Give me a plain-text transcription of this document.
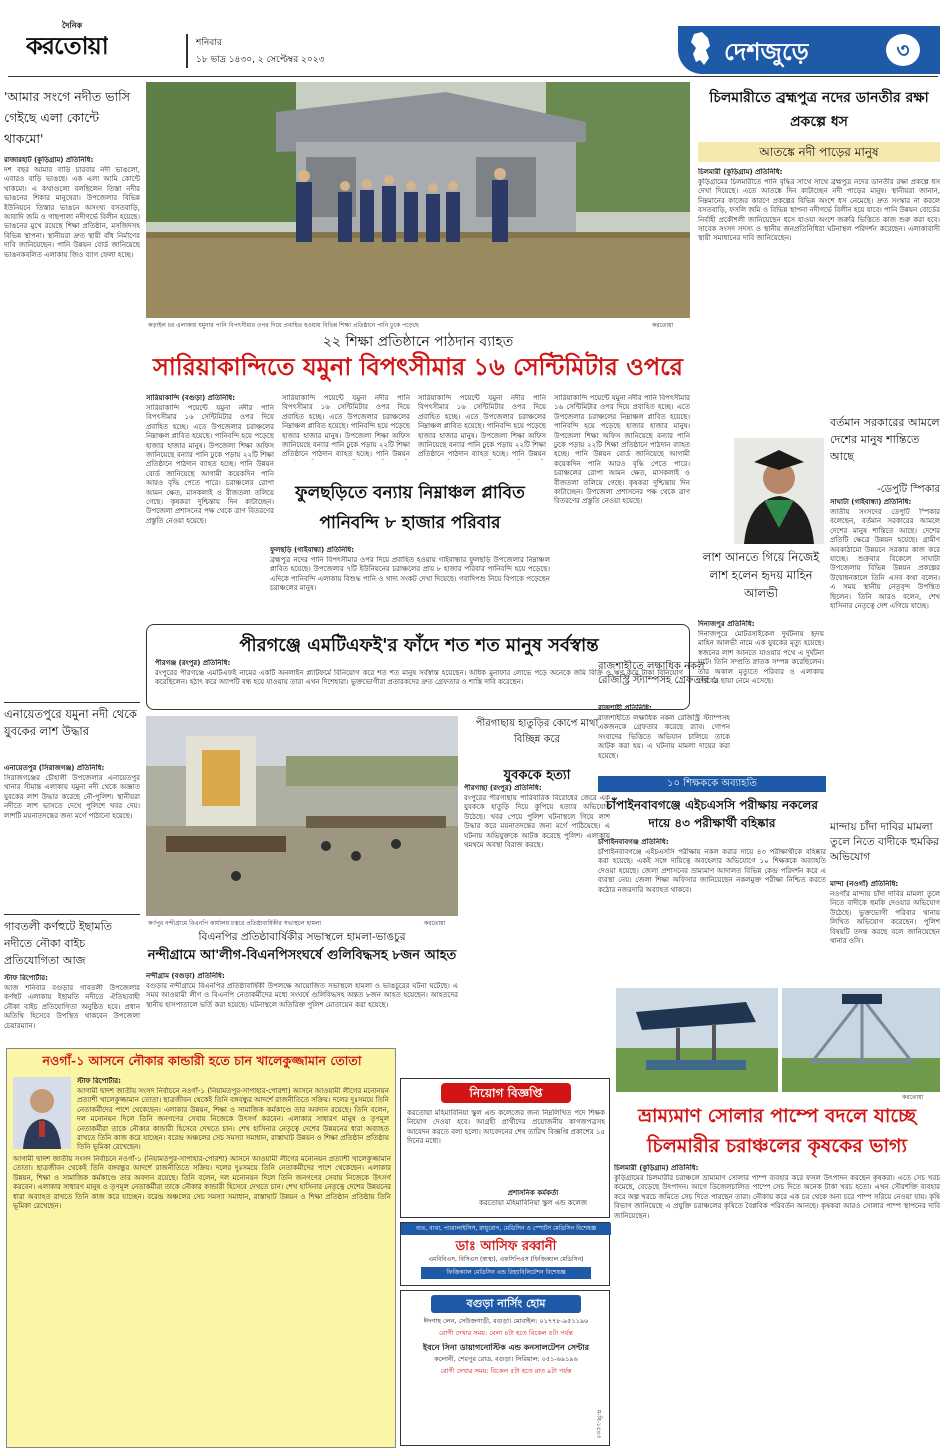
দৈনিক
করতোয়া	শনিবার
১৮ ভাদ্র ১৪৩০, ২ সেপ্টেম্বর ২০২৩	দেশজুড়ে	৩
'আমার সংগে নদীত ভাসি গেইছে এলা কোন্টে থাকমো'
রাজারহাট (কুড়িগ্রাম) প্রতিনিধি:
দশ বছর আমার বাড়ি চারবার নদী ভাঙলো, এবারও বাড়ি ভাঙছে। এক এলা আমি কোন্টে থাকমো। এ কথাগুলো বলছিলেন তিস্তা নদীর ভাঙনের শিকার মানুষেরা। উপজেলার বিভিন্ন ইউনিয়নে তিস্তার ভাঙনে অসংখ্য বসতবাড়ি, আবাদি জমি ও গাছপালা নদীগর্ভে বিলীন হয়েছে। ভাঙনের মুখে রয়েছে শিক্ষা প্রতিষ্ঠান, মসজিদসহ বিভিন্ন স্থাপনা। স্থানীয়রা দ্রুত স্থায়ী বাঁধ নির্মাণের দাবি জানিয়েছেন। পানি উন্নয়ন বোর্ড জানিয়েছে ভাঙনকবলিত এলাকায় জিও ব্যাগ ফেলা হচ্ছে।
এনায়েতপুরে যমুনা নদী থেকে যুবকের লাশ উদ্ধার
এনায়েতপুর (সিরাজগঞ্জ) প্রতিনিধি:
সিরাজগঞ্জের চৌহালী উপজেলার এনায়েতপুর থানার সীমান্ত এলাকায় যমুনা নদী থেকে অজ্ঞাত যুবকের লাশ উদ্ধার করেছে নৌ-পুলিশ। স্থানীয়রা নদীতে লাশ ভাসতে দেখে পুলিশে খবর দেয়। লাশটি ময়নাতদন্তের জন্য মর্গে পাঠানো হয়েছে।
গাবতলী কর্ণহুটে ইছামতি নদীতে নৌকা বাইচ প্রতিযোগিতা আজ
স্টাফ রিপোর্টার:
আজ শনিবার বগুড়ার গাবতলী উপজেলার কর্ণহুট এলাকায় ইছামতি নদীতে ঐতিহ্যবাহী নৌকা বাইচ প্রতিযোগিতা অনুষ্ঠিত হবে। প্রধান অতিথি হিসেবে উপস্থিত থাকবেন উপজেলা চেয়ারম্যান।
কড়াইল চর এলাকায় যমুনার পানি বিপৎসীমার ওপর দিয়ে প্রবাহিত হওয়ায় বিভিন্ন শিক্ষা প্রতিষ্ঠানে পানি ঢুকে পড়েছে	করতোয়া
২২ শিক্ষা প্রতিষ্ঠানে পাঠদান ব্যাহত
সারিয়াকান্দিতে যমুনা বিপৎসীমার ১৬ সেন্টিমিটার ওপরে
সারিয়াকান্দি (বগুড়া) প্রতিনিধি:
সারিয়াকান্দি পয়েন্টে যমুনা নদীর পানি বিপৎসীমার ১৬ সেন্টিমিটার ওপর দিয়ে প্রবাহিত হচ্ছে। এতে উপজেলার চরাঞ্চলের নিম্নাঞ্চল প্লাবিত হয়েছে। পানিবন্দি হয়ে পড়েছে হাজার হাজার মানুষ। উপজেলা শিক্ষা অফিস জানিয়েছে বন্যার পানি ঢুকে পড়ায় ২২টি শিক্ষা প্রতিষ্ঠানে পাঠদান ব্যাহত হচ্ছে। পানি উন্নয়ন বোর্ড জানিয়েছে আগামী কয়েকদিন পানি আরও বৃদ্ধি পেতে পারে। চরাঞ্চলের রোপা আমন ক্ষেত, মাসকলাই ও বীজতলা তলিয়ে গেছে। কৃষকরা দুশ্চিন্তায় দিন কাটাচ্ছেন। উপজেলা প্রশাসনের পক্ষ থেকে ত্রাণ বিতরণের প্রস্তুতি নেওয়া হয়েছে।
সারিয়াকান্দি পয়েন্টে যমুনা নদীর পানি বিপৎসীমার ১৬ সেন্টিমিটার ওপর দিয়ে প্রবাহিত হচ্ছে। এতে উপজেলার চরাঞ্চলের নিম্নাঞ্চল প্লাবিত হয়েছে। পানিবন্দি হয়ে পড়েছে হাজার হাজার মানুষ। উপজেলা শিক্ষা অফিস জানিয়েছে বন্যার পানি ঢুকে পড়ায় ২২টি শিক্ষা প্রতিষ্ঠানে পাঠদান ব্যাহত হচ্ছে। পানি উন্নয়ন
সারিয়াকান্দি পয়েন্টে যমুনা নদীর পানি বিপৎসীমার ১৬ সেন্টিমিটার ওপর দিয়ে প্রবাহিত হচ্ছে। এতে উপজেলার চরাঞ্চলের নিম্নাঞ্চল প্লাবিত হয়েছে। পানিবন্দি হয়ে পড়েছে হাজার হাজার মানুষ। উপজেলা শিক্ষা অফিস জানিয়েছে বন্যার পানি ঢুকে পড়ায় ২২টি শিক্ষা প্রতিষ্ঠানে পাঠদান ব্যাহত হচ্ছে। পানি উন্নয়ন
সারিয়াকান্দি পয়েন্টে যমুনা নদীর পানি বিপৎসীমার ১৬ সেন্টিমিটার ওপর দিয়ে প্রবাহিত হচ্ছে। এতে উপজেলার চরাঞ্চলের নিম্নাঞ্চল প্লাবিত হয়েছে। পানিবন্দি হয়ে পড়েছে হাজার হাজার মানুষ। উপজেলা শিক্ষা অফিস জানিয়েছে বন্যার পানি ঢুকে পড়ায় ২২টি শিক্ষা প্রতিষ্ঠানে পাঠদান ব্যাহত হচ্ছে। পানি উন্নয়ন বোর্ড জানিয়েছে আগামী কয়েকদিন পানি আরও বৃদ্ধি পেতে পারে। চরাঞ্চলের রোপা আমন ক্ষেত, মাসকলাই ও বীজতলা তলিয়ে গেছে। কৃষকরা দুশ্চিন্তায় দিন কাটাচ্ছেন। উপজেলা প্রশাসনের পক্ষ থেকে ত্রাণ বিতরণের প্রস্তুতি নেওয়া হয়েছে।
ফুলছড়িতে বন্যায় নিম্নাঞ্চল প্লাবিত পানিবন্দি ৮ হাজার পরিবার
ফুলছড়ি (গাইবান্ধা) প্রতিনিধি:
ব্রহ্মপুত্র নদের পানি বিপৎসীমার ওপর দিয়ে প্রবাহিত হওয়ায় গাইবান্ধার ফুলছড়ি উপজেলার নিম্নাঞ্চল প্লাবিত হয়েছে। উপজেলার ৭টি ইউনিয়নের চরাঞ্চলের প্রায় ৮ হাজার পরিবার পানিবন্দি হয়ে পড়েছে। এদিকে পানিবন্দি এলাকায় বিশুদ্ধ পানি ও খাদ্য সংকট দেখা দিয়েছে। গবাদিপশু নিয়ে বিপাকে পড়েছেন চরাঞ্চলের মানুষ।
পীরগঞ্জে এমটিএফই'র ফাঁদে শত শত মানুষ সর্বস্বান্ত
পীরগঞ্জ (রংপুর) প্রতিনিধি:
রংপুরের পীরগঞ্জে এমটিএফই নামের একটি অনলাইন প্ল্যাটফর্মে বিনিয়োগ করে শত শত মানুষ সর্বস্বান্ত হয়েছেন। অধিক মুনাফার লোভে পড়ে অনেকে জমি বিক্রি ও ঋণ করে টাকা বিনিয়োগ করেছিলেন। হঠাৎ করে অ্যাপটি বন্ধ হয়ে যাওয়ায় তারা এখন দিশেহারা। ভুক্তভোগীরা প্রতারকদের দ্রুত গ্রেফতার ও শাস্তি দাবি করেছেন।
কর্ণপুর নন্দীগ্রামে বিএনপি কার্যালয় চত্বরে প্রতিষ্ঠাবার্ষিকীর সভাস্থলে হামলা	করতোয়া
বিএনপির প্রতিষ্ঠাবার্ষিকীর সভাস্থলে হামলা-ভাঙচুর
নন্দীগ্রামে আ'লীগ-বিএনপিসংঘর্ষে গুলিবিদ্ধসহ ৮জন আহত
নন্দীগ্রাম (বগুড়া) প্রতিনিধি:
বগুড়ার নন্দীগ্রামে বিএনপির প্রতিষ্ঠাবার্ষিকী উপলক্ষে আয়োজিত সভাস্থলে হামলা ও ভাঙচুরের ঘটনা ঘটেছে। এ সময় আওয়ামী লীগ ও বিএনপি নেতাকর্মীদের মধ্যে সংঘর্ষে গুলিবিদ্ধসহ অন্তত ৮জন আহত হয়েছেন। আহতদের স্থানীয় হাসপাতালে ভর্তি করা হয়েছে। ঘটনাস্থলে অতিরিক্ত পুলিশ মোতায়েন করা হয়েছে।
পীরগাছায় হাতুড়ির কোপে মাথা বিচ্ছিন্ন করে
যুবককে হত্যা
পীরগাছা (রংপুর) প্রতিনিধি:
রংপুরের পীরগাছায় পারিবারিক বিরোধের জেরে এক যুবককে হাতুড়ি দিয়ে কুপিয়ে হত্যার অভিযোগ উঠেছে। খবর পেয়ে পুলিশ ঘটনাস্থলে গিয়ে লাশ উদ্ধার করে ময়নাতদন্তের জন্য মর্গে পাঠিয়েছে। এ ঘটনায় অভিযুক্তকে আটক করেছে পুলিশ। এলাকায় থমথমে অবস্থা বিরাজ করছে।
নওগাঁ-১ আসনে নৌকার কান্ডারী হতে চান খালেকুজ্জামান তোতা
স্টাফ রিপোর্টার:
আগামী দ্বাদশ জাতীয় সংসদ নির্বাচনে নওগাঁ-১ (নিয়ামতপুর-সাপাহার-পোরশা) আসনে আওয়ামী লীগের মনোনয়ন প্রত্যাশী খালেকুজ্জামান তোতা। ছাত্রজীবন থেকেই তিনি বঙ্গবন্ধুর আদর্শে রাজনীতিতে সক্রিয়। দলের দুঃসময়ে তিনি নেতাকর্মীদের পাশে থেকেছেন। এলাকার উন্নয়ন, শিক্ষা ও সামাজিক কর্মকাণ্ডে তার অবদান রয়েছে। তিনি বলেন, দল মনোনয়ন দিলে তিনি জনগণের সেবায় নিজেকে উৎসর্গ করবেন। এলাকার সাধারণ মানুষ ও তৃণমূল নেতাকর্মীরা তাকে নৌকার কান্ডারী হিসেবে দেখতে চান। শেখ হাসিনার নেতৃত্বে দেশের উন্নয়নের ধারা অব্যাহত রাখতে তিনি কাজ করে যাচ্ছেন। বরেন্দ্র অঞ্চলের সেচ সমস্যা সমাধান, রাস্তাঘাট উন্নয়ন ও শিক্ষা প্রতিষ্ঠান প্রতিষ্ঠায় তিনি ভূমিকা রেখেছেন।
আগামী দ্বাদশ জাতীয় সংসদ নির্বাচনে নওগাঁ-১ (নিয়ামতপুর-সাপাহার-পোরশা) আসনে আওয়ামী লীগের মনোনয়ন প্রত্যাশী খালেকুজ্জামান তোতা। ছাত্রজীবন থেকেই তিনি বঙ্গবন্ধুর আদর্শে রাজনীতিতে সক্রিয়। দলের দুঃসময়ে তিনি নেতাকর্মীদের পাশে থেকেছেন। এলাকার উন্নয়ন, শিক্ষা ও সামাজিক কর্মকাণ্ডে তার অবদান রয়েছে। তিনি বলেন, দল মনোনয়ন দিলে তিনি জনগণের সেবায় নিজেকে উৎসর্গ করবেন। এলাকার সাধারণ মানুষ ও তৃণমূল নেতাকর্মীরা তাকে নৌকার কান্ডারী হিসেবে দেখতে চান। শেখ হাসিনার নেতৃত্বে দেশের উন্নয়নের ধারা অব্যাহত রাখতে তিনি কাজ করে যাচ্ছেন। বরেন্দ্র অঞ্চলের সেচ সমস্যা সমাধান, রাস্তাঘাট উন্নয়ন ও শিক্ষা প্রতিষ্ঠান প্রতিষ্ঠায় তিনি ভূমিকা রেখেছেন।
নিয়োগ বিজ্ঞপ্তি
করতোয়া মহিমাবিনিয়া স্কুল এন্ড কলেজের জন্য নিম্নলিখিত পদে শিক্ষক নিয়োগ দেওয়া হবে। আগ্রহী প্রার্থীদের প্রয়োজনীয় কাগজপত্রসহ আবেদন করতে বলা হলো। আবেদনের শেষ তারিখ বিজ্ঞপ্তি প্রকাশের ১৫ দিনের মধ্যে।
প্রশাসনিক কর্মকর্তা
করতোয়া মহিমাবিনিয়া স্কুল এন্ড কলেজ
বাত, ব্যথা, প্যারালাইসিস, স্নায়ুরোগ, মেডিসিন ও স্পোর্টস মেডিসিন বিশেষজ্ঞ
ডাঃ আসিফ রব্বানী
এমবিবিএস, বিসিএস (স্বাস্থ্য), এফসিপিএস (ফিজিক্যাল মেডিসিন)
ফিজিক্যাল মেডিসিন এন্ড রিহ্যাবিলিটেশন বিশেষজ্ঞ
বগুড়া নার্সিং হোম
ঈদগাহ লেন, সেউজগাড়ী, বগুড়া। মোবাইল: ০১৭৭৮-৯৫১১৯৬
রোগী দেখার সময়: বেলা ৪টা হতে বিকেল ৫টা পর্যন্ত
ইবনে সিনা ডায়াগনোস্টিক এন্ড কনসালটেশন সেন্টার
কলোনী, শেরপুর রোড, বগুড়া। সিরিয়াল: ০৫১-৬৯১৯৬
রোগী দেখার সময়: বিকেল ৫টা হতে রাত ৯টা পর্যন্ত
চিলমারীতে ব্রহ্মপুত্র নদের ডানতীর রক্ষা প্রকল্পে ধস
আতঙ্কে নদী পাড়ের মানুষ
চিলমারী (কুড়িগ্রাম) প্রতিনিধি:
কুড়িগ্রামের চিলমারীতে পানি বৃদ্ধির সাথে সাথে ব্রহ্মপুত্র নদের ডানতীর রক্ষা প্রকল্পে ধস দেখা দিয়েছে। এতে আতঙ্কে দিন কাটাচ্ছেন নদী পাড়ের মানুষ। স্থানীয়রা জানান, নিম্নমানের কাজের কারণে প্রকল্পের বিভিন্ন অংশে ধস নেমেছে। দ্রুত সংস্কার না করলে বসতবাড়ি, ফসলি জমি ও বিভিন্ন স্থাপনা নদীগর্ভে বিলীন হয়ে যাবে। পানি উন্নয়ন বোর্ডের নির্বাহী প্রকৌশলী জানিয়েছেন ধসে যাওয়া অংশে জরুরি ভিত্তিতে কাজ শুরু করা হবে। সাবেক সংসদ সদস্য ও স্থানীয় জনপ্রতিনিধিরা ঘটনাস্থল পরিদর্শন করেছেন। এলাকাবাসী স্থায়ী সমাধানের দাবি জানিয়েছেন।
লাশ আনতে গিয়ে নিজেই লাশ হলেন হৃদয় মাহিন আলভী
দিনাজপুর প্রতিনিধি:
দিনাজপুরে মোটরসাইকেল দুর্ঘটনায় হৃদয় মাহিন আলভী নামে এক যুবকের মৃত্যু হয়েছে। স্বজনের লাশ আনতে যাওয়ার পথে এ দুর্ঘটনা ঘটে। তিনি সম্প্রতি স্নাতক সম্পন্ন করেছিলেন। তার অকাল মৃত্যুতে পরিবার ও এলাকায় শোকের ছায়া নেমে এসেছে।
রাজশাহীতে লক্ষাধিক নকল রেজিস্ট্রি স্ট্যাম্পসহ গ্রেফতার ১
রাজশাহী প্রতিনিধি:
রাজশাহীতে লক্ষাধিক নকল রেজিস্ট্রি স্ট্যাম্পসহ একজনকে গ্রেফতার করেছে র‍্যাব। গোপন সংবাদের ভিত্তিতে অভিযান চালিয়ে তাকে আটক করা হয়। এ ঘটনায় মামলা দায়ের করা হয়েছে।
বর্তমান সরকারের আমলে দেশের মানুষ শান্তিতে আছে
-ডেপুটি স্পিকার
সাঘাটা (গাইবান্ধা) প্রতিনিধি:
জাতীয় সংসদের ডেপুটি স্পিকার বলেছেন, বর্তমান সরকারের আমলে দেশের মানুষ শান্তিতে আছে। দেশের প্রতিটি ক্ষেত্রে উন্নয়ন হয়েছে। গ্রামীণ অবকাঠামো উন্নয়নে সরকার কাজ করে যাচ্ছে। শুক্রবার বিকেলে সাঘাটা উপজেলায় বিভিন্ন উন্নয়ন প্রকল্পের উদ্বোধনকালে তিনি এসব কথা বলেন। এ সময় স্থানীয় নেতৃবৃন্দ উপস্থিত ছিলেন। তিনি আরও বলেন, শেখ হাসিনার নেতৃত্বে দেশ এগিয়ে যাচ্ছে।
১০ শিক্ষককে অব্যাহতি
চাঁপাইনবাবগঞ্জে এইচএসসি পরীক্ষায় নকলের দায়ে ৪৩ পরীক্ষার্থী বহিষ্কার
চাঁপাইনবাবগঞ্জ প্রতিনিধি:
চাঁপাইনবাবগঞ্জে এইচএসসি পরীক্ষায় নকল করার দায়ে ৪৩ পরীক্ষার্থীকে বহিষ্কার করা হয়েছে। একই সঙ্গে দায়িত্বে অবহেলার অভিযোগে ১০ শিক্ষককে অব্যাহতি দেওয়া হয়েছে। জেলা প্রশাসনের ভ্রাম্যমাণ আদালত বিভিন্ন কেন্দ্র পরিদর্শন করে এ ব্যবস্থা নেয়। জেলা শিক্ষা অফিসার জানিয়েছেন নকলমুক্ত পরীক্ষা নিশ্চিত করতে কঠোর নজরদারি অব্যাহত থাকবে।
মান্দায় চাঁদা দাবির মামলা তুলে নিতে বাদীকে হুমকির অভিযোগ
মান্দা (নওগাঁ) প্রতিনিধি:
নওগাঁর মান্দায় চাঁদা দাবির মামলা তুলে নিতে বাদীকে হুমকি দেওয়ার অভিযোগ উঠেছে। ভুক্তভোগী পরিবার থানায় লিখিত অভিযোগ করেছেন। পুলিশ বিষয়টি তদন্ত করছে বলে জানিয়েছেন থানার ওসি।
করতোয়া
ভ্রাম্যমাণ সোলার পাম্পে বদলে যাচ্ছে
চিলমারীর চরাঞ্চলের কৃষকের ভাগ্য
চিলমারী (কুড়িগ্রাম) প্রতিনিধি:
কুড়িগ্রামের চিলমারীর চরাঞ্চলে ভ্রাম্যমাণ সোলার পাম্প ব্যবহার করে ফসল উৎপাদন করছেন কৃষকরা। এতে সেচ খরচ কমেছে, বেড়েছে উৎপাদন। আগে ডিজেলচালিত পাম্পে সেচ দিতে অনেক টাকা খরচ হতো। এখন সৌরশক্তি ব্যবহার করে অল্প খরচে জমিতে সেচ দিতে পারছেন তারা। নৌকায় করে এক চর থেকে অন্য চরে পাম্প সরিয়ে নেওয়া যায়। কৃষি বিভাগ জানিয়েছে এ প্রযুক্তি চরাঞ্চলের কৃষিতে বৈপ্লবিক পরিবর্তন আনছে। কৃষকরা আরও সোলার পাম্প স্থাপনের দাবি জানিয়েছেন।
ম-বি-১৫৪৩
